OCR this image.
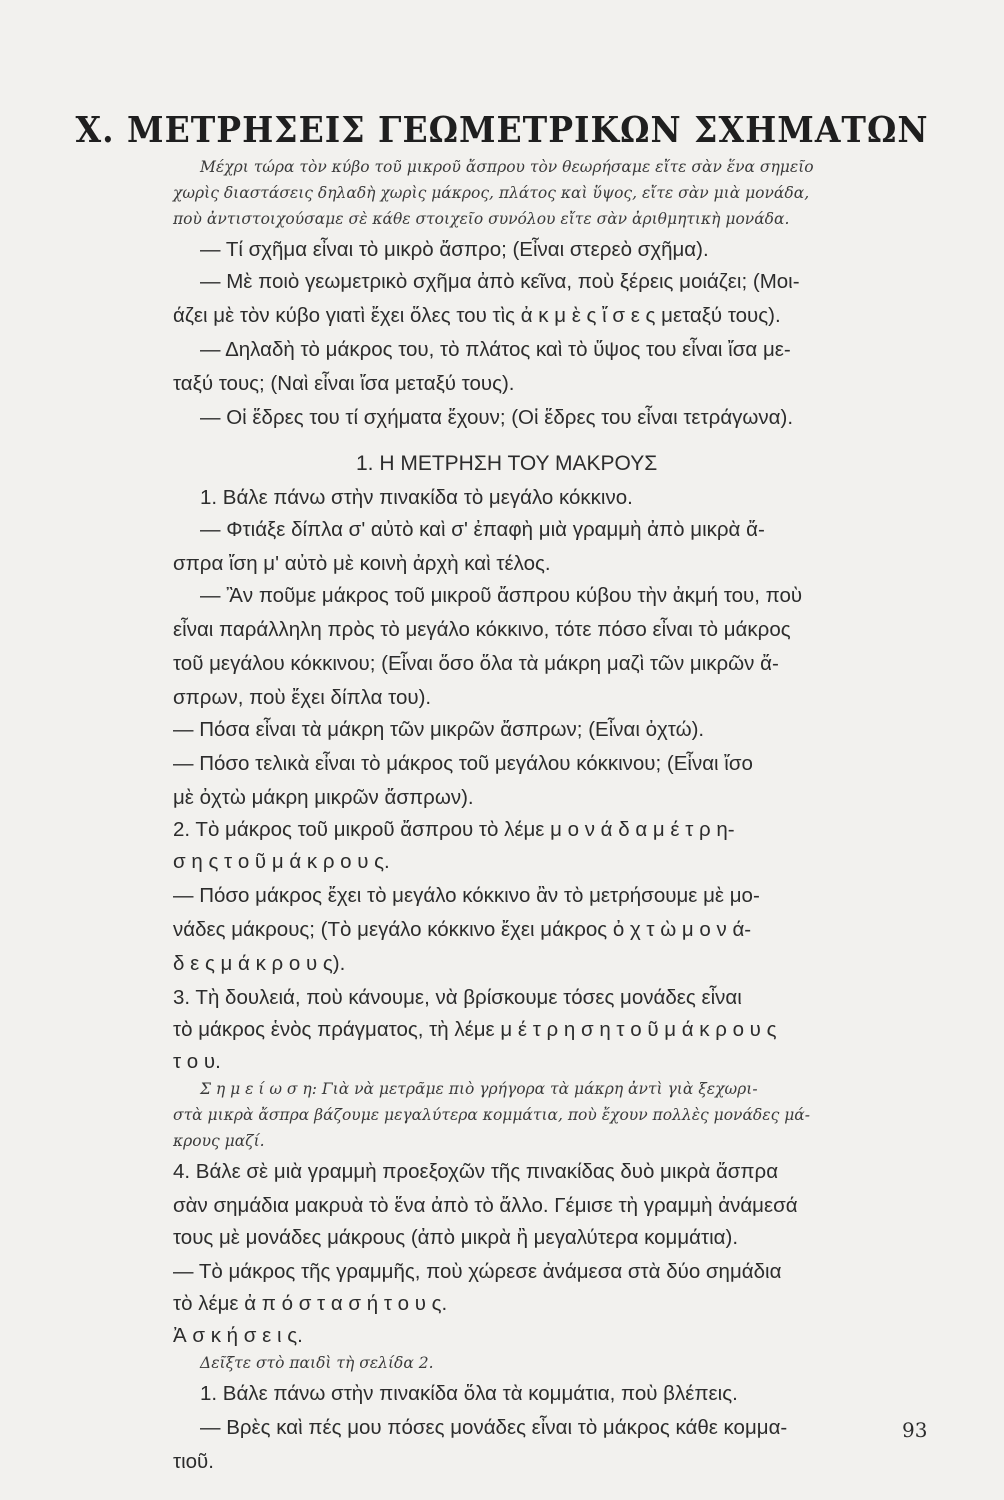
X. ΜΕΤΡΗΣΕΙΣ ΓΕΩΜΕΤΡΙΚΩΝ ΣΧΗΜΑΤΩΝ
Μέχρι τώρα τὸν κύβο τοῦ μικροῦ ἄσπρου τὸν θεωρήσαμε εἴτε σὰν ἕνα σημεῖο
χωρὶς διαστάσεις δηλαδὴ χωρὶς μάκρος, πλάτος καὶ ὕψος, εἴτε σὰν μιὰ μονάδα,
ποὺ ἀντιστοιχούσαμε σὲ κάθε στοιχεῖο συνόλου εἴτε σὰν ἀριθμητικὴ μονάδα.
— Τί σχῆμα εἶναι τὸ μικρὸ ἄσπρο; (Εἶναι στερεὸ σχῆμα).
— Μὲ ποιὸ γεωμετρικὸ σχῆμα ἀπὸ κεῖνα, ποὺ ξέρεις μοιάζει; (Μοι-
άζει μὲ τὸν κύβο γιατὶ ἔχει ὅλες του τὶς ἀ κ μ ὲ ς ἴ σ ε ς μεταξύ τους).
— Δηλαδὴ τὸ μάκρος του, τὸ πλάτος καὶ τὸ ὕψος του εἶναι ἴσα με-
ταξύ τους; (Ναὶ εἶναι ἴσα μεταξύ τους).
— Οἱ ἕδρες του τί σχήματα ἔχουν; (Οἱ ἕδρες του εἶναι τετράγωνα).
1. Η ΜΕΤΡΗΣΗ ΤΟΥ ΜΑΚΡΟΥΣ
1. Βάλε πάνω στὴν πινακίδα τὸ μεγάλο κόκκινο.
— Φτιάξε δίπλα σ' αὐτὸ καὶ σ' ἐπαφὴ μιὰ γραμμὴ ἀπὸ μικρὰ ἄ-
σπρα ἴση μ' αὐτὸ μὲ κοινὴ ἀρχὴ καὶ τέλος.
— Ἂν ποῦμε μάκρος τοῦ μικροῦ ἄσπρου κύβου τὴν ἀκμή του, ποὺ
εἶναι παράλληλη πρὸς τὸ μεγάλο κόκκινο, τότε πόσο εἶναι τὸ μάκρος
τοῦ μεγάλου κόκκινου; (Εἶναι ὅσο ὅλα τὰ μάκρη μαζὶ τῶν μικρῶν ἄ-
σπρων, ποὺ ἔχει δίπλα του).
— Πόσα εἶναι τὰ μάκρη τῶν μικρῶν ἄσπρων; (Εἶναι ὀχτώ).
— Πόσο τελικὰ εἶναι τὸ μάκρος τοῦ μεγάλου κόκκινου; (Εἶναι ἴσο
μὲ ὀχτὼ μάκρη μικρῶν ἄσπρων).
2. Τὸ μάκρος τοῦ μικροῦ ἄσπρου τὸ λέμε μ ο ν ά δ α μ έ τ ρ η-
σ η ς τ ο ῦ μ ά κ ρ ο υ ς.
— Πόσο μάκρος ἔχει τὸ μεγάλο κόκκινο ἂν τὸ μετρήσουμε μὲ μο-
νάδες μάκρους; (Τὸ μεγάλο κόκκινο ἔχει μάκρος ὀ χ τ ὼ μ ο ν ά-
δ ε ς μ ά κ ρ ο υ ς).
3. Τὴ δουλειά, ποὺ κάνουμε, νὰ βρίσκουμε τόσες μονάδες εἶναι
τὸ μάκρος ἑνὸς πράγματος, τὴ λέμε μ έ τ ρ η σ η τ ο ῦ μ ά κ ρ ο υ ς
τ ο υ.
Σ η μ ε ί ω σ η: Γιὰ νὰ μετρᾶμε πιὸ γρήγορα τὰ μάκρη ἀντὶ γιὰ ξεχωρι-
στὰ μικρὰ ἄσπρα βάζουμε μεγαλύτερα κομμάτια, ποὺ ἔχουν πολλὲς μονάδες μά-
κρους μαζί.
4. Βάλε σὲ μιὰ γραμμὴ προεξοχῶν τῆς πινακίδας δυὸ μικρὰ ἄσπρα
σὰν σημάδια μακρυὰ τὸ ἕνα ἀπὸ τὸ ἄλλο. Γέμισε τὴ γραμμὴ ἀνάμεσά
τους μὲ μονάδες μάκρους (ἀπὸ μικρὰ ἢ μεγαλύτερα κομμάτια).
— Τὸ μάκρος τῆς γραμμῆς, ποὺ χώρεσε ἀνάμεσα στὰ δύο σημάδια
τὸ λέμε ἀ π ό σ τ α σ ή τ ο υ ς.
Ἀ σ κ ή σ ε ι ς.
Δεῖξτε στὸ παιδὶ τὴ σελίδα 2.
1. Βάλε πάνω στὴν πινακίδα ὅλα τὰ κομμάτια, ποὺ βλέπεις.
— Βρὲς καὶ πές μου πόσες μονάδες εἶναι τὸ μάκρος κάθε κομμα-
τιοῦ.
93
